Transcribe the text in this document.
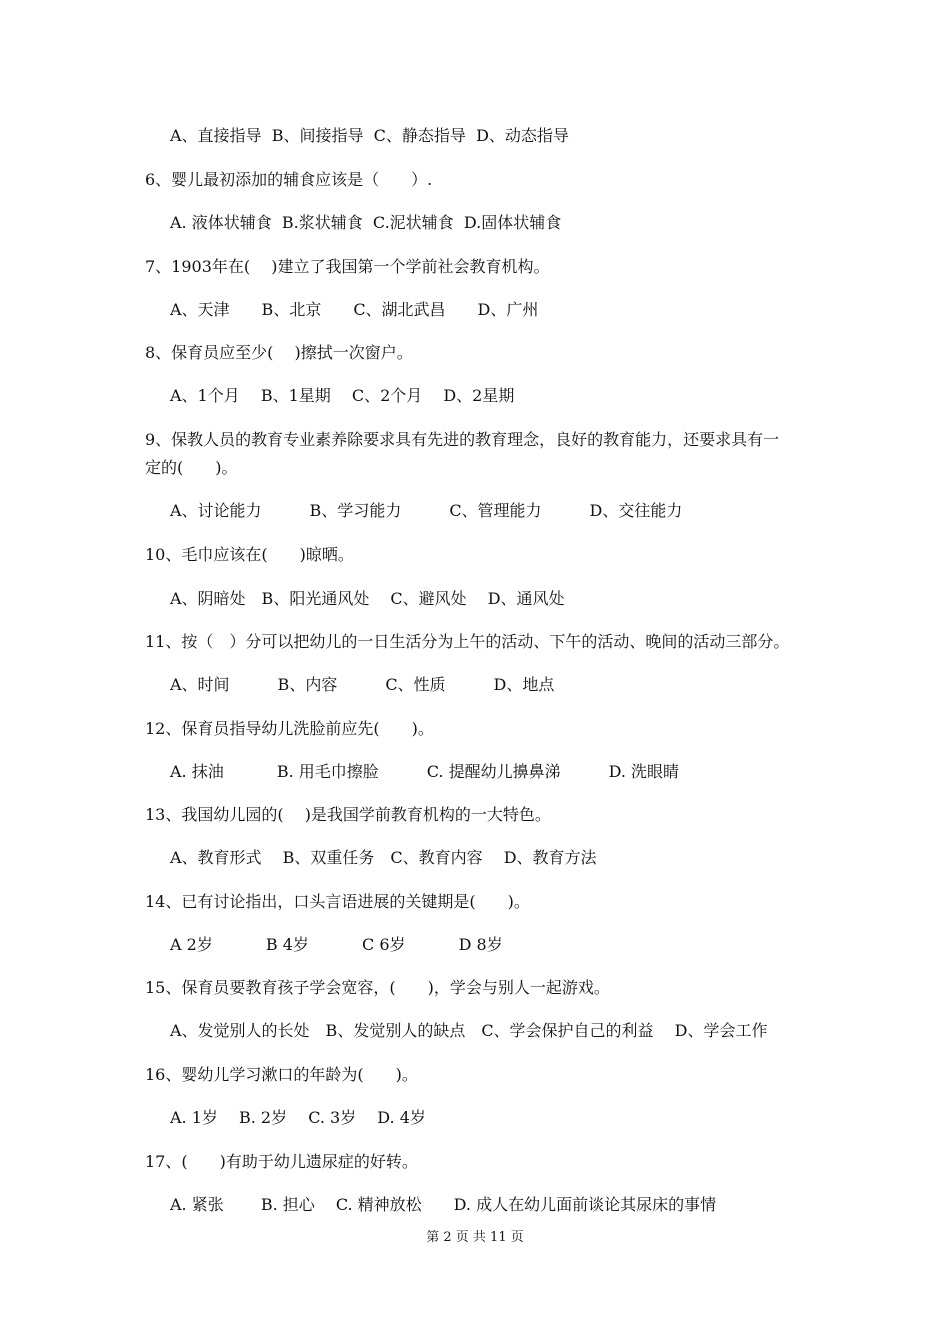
A、直接指导  B、间接指导  C、静态指导  D、动态指导
6、婴儿最初添加的辅食应该是（　　）.
A. 液体状辅食  B.浆状辅食  C.泥状辅食  D.固体状辅食
7、1903年在(　 )建立了我国第一个学前社会教育机构。
A、天津　　B、北京　　C、湖北武昌　　D、广州
8、保育员应至少(　 )擦拭一次窗户。
A、1个月　 B、1星期　 C、2个月　 D、2星期
9、保教人员的教育专业素养除要求具有先进的教育理念，良好的教育能力，还要求具有一
定的(　　)。
A、讨论能力　　　B、学习能力　　　C、管理能力　　　D、交往能力
10、毛巾应该在(　　)晾晒。
A、阴暗处　B、阳光通风处　 C、避风处　 D、通风处
11、按（　）分可以把幼儿的一日生活分为上午的活动、下午的活动、晚间的活动三部分。
A、时间　　　B、内容　　　C、性质　　　D、地点
12、保育员指导幼儿洗脸前应先(　　)。
A. 抹油　　　 B. 用毛巾擦脸　　　C. 提醒幼儿擤鼻涕　　　D. 洗眼睛
13、我国幼儿园的(　 )是我国学前教育机构的一大特色。
A、教育形式　 B、双重任务　C、教育内容　 D、教育方法
14、已有讨论指出，口头言语进展的关键期是(　　)。
A 2岁　　　 B 4岁　　　 C 6岁　　　 D 8岁
15、保育员要教育孩子学会宽容，(　　)，学会与别人一起游戏。
A、发觉别人的长处　B、发觉别人的缺点　C、学会保护自己的利益　 D、学会工作
16、婴幼儿学习漱口的年龄为(　　)。
A. 1岁　 B. 2岁　 C. 3岁　 D. 4岁
17、(　　)有助于幼儿遗尿症的好转。
A. 紧张　　 B. 担心　 C. 精神放松　　D. 成人在幼儿面前谈论其尿床的事情
第 2 页 共 11 页
